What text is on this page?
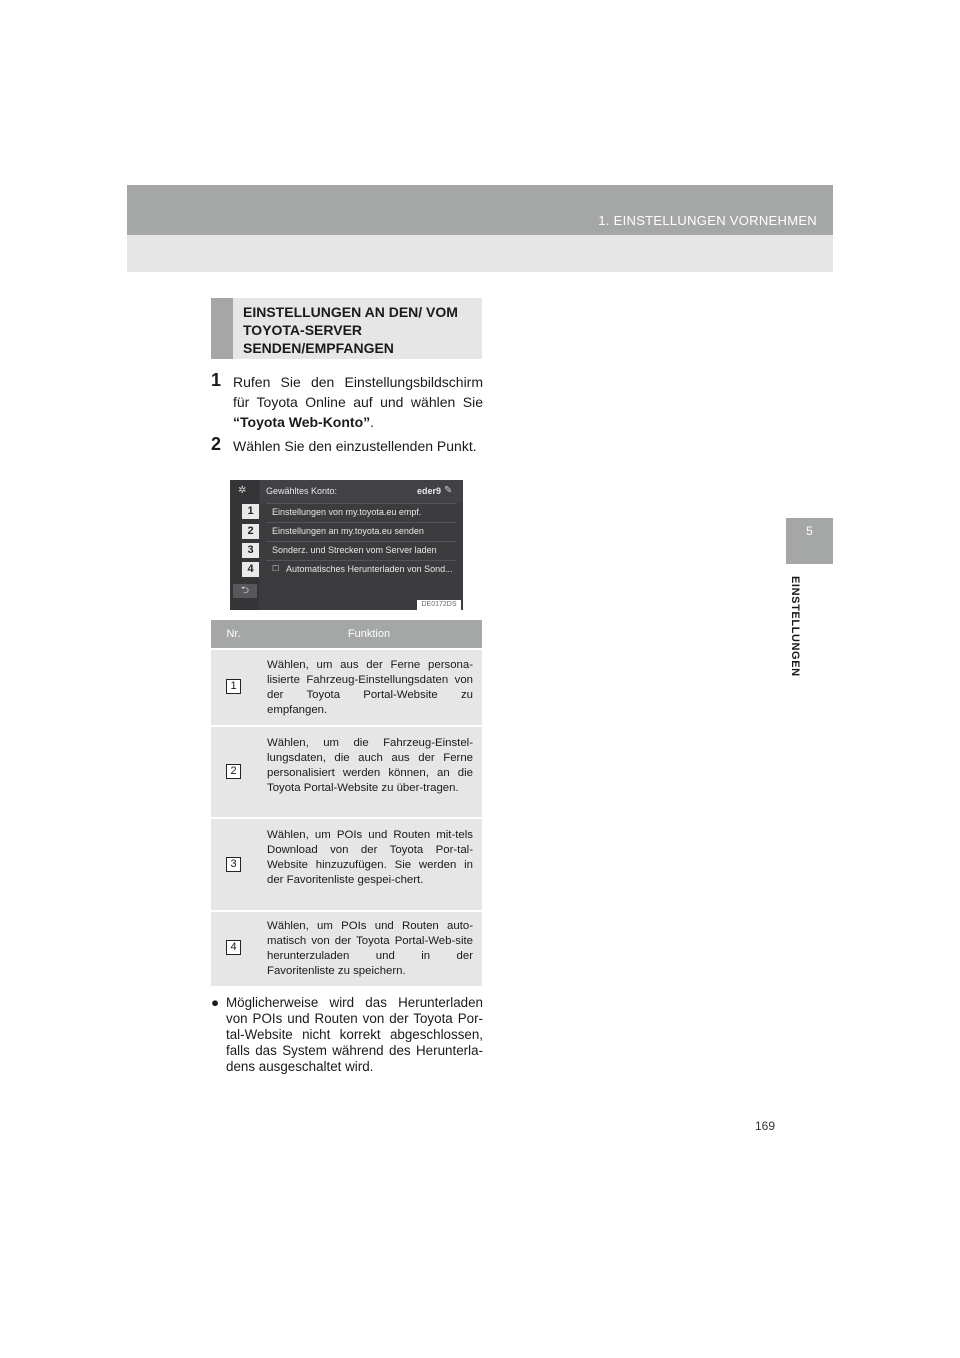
1. EINSTELLUNGEN VORNEHMEN
5
EINSTELLUNGEN
EINSTELLUNGEN AN DEN/ VOM TOYOTA-SERVER SENDEN/EMPFANGEN
1 Rufen Sie den Einstellungsbildschirm für Toyota Online auf und wählen Sie “Toyota Web-Konto”.
2 Wählen Sie den einzustellenden Punkt.
✲ Gewähltes Konto:	eder9 ✎
Einstellungen von my.toyota.eu empf.
Einstellungen an my.toyota.eu senden
Sonderz. und Strecken vom Server laden
☐ Automatisches Herunterladen von Sond...
1
2
3
4
⮌
DE0172DS
Nr.	Funktion
1
Wählen, um aus der Ferne persona-lisierte Fahrzeug-Einstellungsdaten von der Toyota Portal-Website zu empfangen.
2
Wählen, um die Fahrzeug-Einstel-lungsdaten, die auch aus der Ferne personalisiert werden können, an die Toyota Portal-Website zu über-tragen.
3
Wählen, um POIs und Routen mit-tels Download von der Toyota Por-tal-Website hinzuzufügen. Sie werden in der Favoritenliste gespei-chert.
4
Wählen, um POIs und Routen auto-matisch von der Toyota Portal-Web-site herunterzuladen und in der Favoritenliste zu speichern.
● Möglicherweise wird das Herunterladen von POIs und Routen von der Toyota Por-tal-Website nicht korrekt abgeschlossen, falls das System während des Herunterla-dens ausgeschaltet wird.
169
